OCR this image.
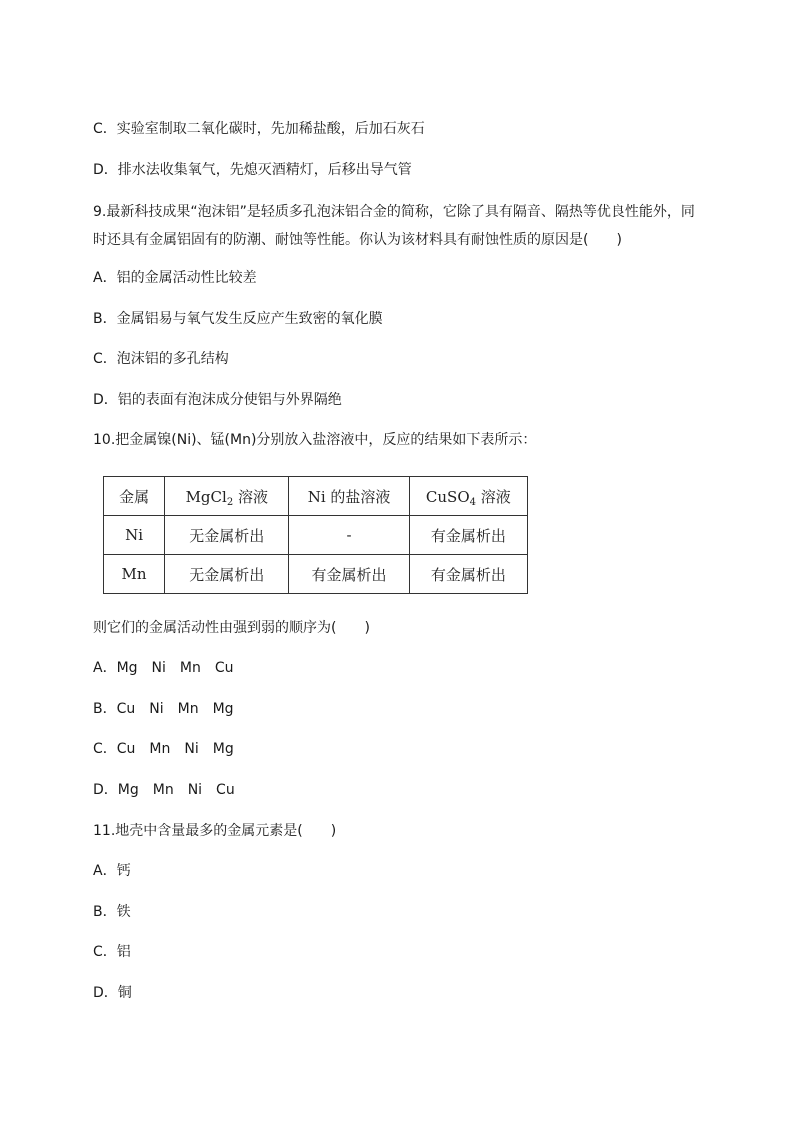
C．实验室制取二氧化碳时，先加稀盐酸，后加石灰石
D．排水法收集氧气，先熄灭酒精灯，后移出导气管
9.最新科技成果“泡沫铝”是轻质多孔泡沫铝合金的简称，它除了具有隔音、隔热等优良性能外，同时还具有金属铝固有的防潮、耐蚀等性能。你认为该材料具有耐蚀性质的原因是(　　)
A．铝的金属活动性比较差
B．金属铝易与氧气发生反应产生致密的氧化膜
C．泡沫铝的多孔结构
D．铝的表面有泡沫成分使铝与外界隔绝
10.把金属镍(Ni)、锰(Mn)分别放入盐溶液中，反应的结果如下表所示：
金属	MgCl$_2$ 溶液	Ni 的盐溶液	CuSO$_4$ 溶液
Ni	无金属析出	-	有金属析出
Mn	无金属析出	有金属析出	有金属析出
则它们的金属活动性由强到弱的顺序为(　　)
A．Mg　Ni　Mn　Cu
B．Cu　Ni　Mn　Mg
C．Cu　Mn　Ni　Mg
D．Mg　Mn　Ni　Cu
11.地壳中含量最多的金属元素是(　　)
A．钙
B．铁
C．铝
D．铜
